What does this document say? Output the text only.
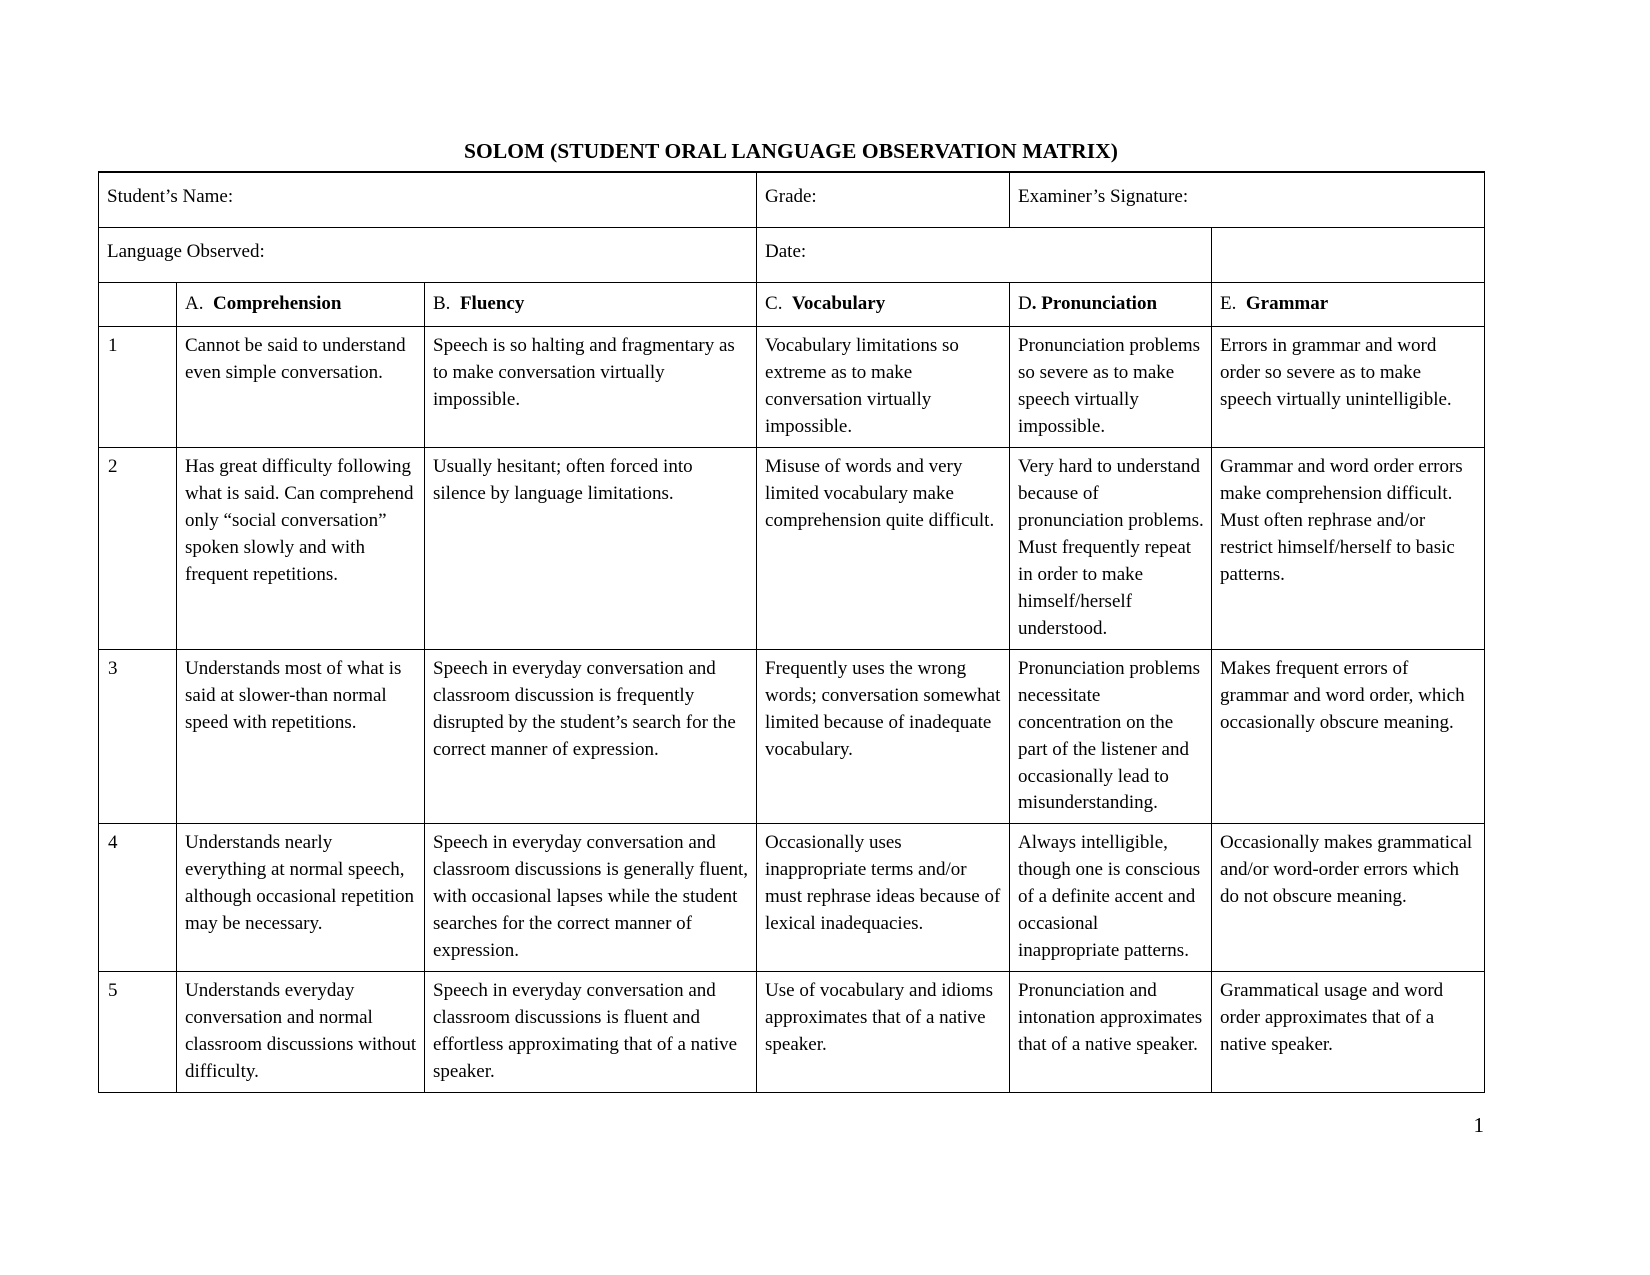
SOLOM (STUDENT ORAL LANGUAGE OBSERVATION MATRIX)
Student’s Name:			Grade:	Examiner’s Signature:	
Language Observed:			Date:		
	A. Comprehension	B. Fluency	C. Vocabulary	D. Pronunciation	E. Grammar
1	Cannot be said to understand even simple conversation.	Speech is so halting and fragmentary as to make conversation virtually impossible.	Vocabulary limitations so extreme as to make conversation virtually impossible.	Pronunciation problems so severe as to make speech virtually impossible.	Errors in grammar and word order so severe as to make speech virtually unintelligible.
2	Has great difficulty following what is said. Can comprehend only “social conversation” spoken slowly and with frequent repetitions.	Usually hesitant; often forced into silence by language limitations.	Misuse of words and very limited vocabulary make comprehension quite difficult.	Very hard to understand because of pronunciation problems. Must frequently repeat in order to make himself/herself understood.	Grammar and word order errors make comprehension difficult. Must often rephrase and/or restrict himself/herself to basic patterns.
3	Understands most of what is said at slower-than normal speed with repetitions.	Speech in everyday conversation and classroom discussion is frequently disrupted by the student’s search for the correct manner of expression.	Frequently uses the wrong words; conversation somewhat limited because of inadequate vocabulary.	Pronunciation problems necessitate concentration on the part of the listener and occasionally lead to misunderstanding.	Makes frequent errors of grammar and word order, which occasionally obscure meaning.
4	Understands nearly everything at normal speech, although occasional repetition may be necessary.	Speech in everyday conversation and classroom discussions is generally fluent, with occasional lapses while the student searches for the correct manner of expression.	Occasionally uses inappropriate terms and/or must rephrase ideas because of lexical inadequacies.	Always intelligible, though one is conscious of a definite accent and occasional inappropriate patterns.	Occasionally makes grammatical and/or word-order errors which do not obscure meaning.
5	Understands everyday conversation and normal classroom discussions without difficulty.	Speech in everyday conversation and classroom discussions is fluent and effortless approximating that of a native speaker.	Use of vocabulary and idioms approximates that of a native speaker.	Pronunciation and intonation approximates that of a native speaker.	Grammatical usage and word order approximates that of a native speaker.
1
